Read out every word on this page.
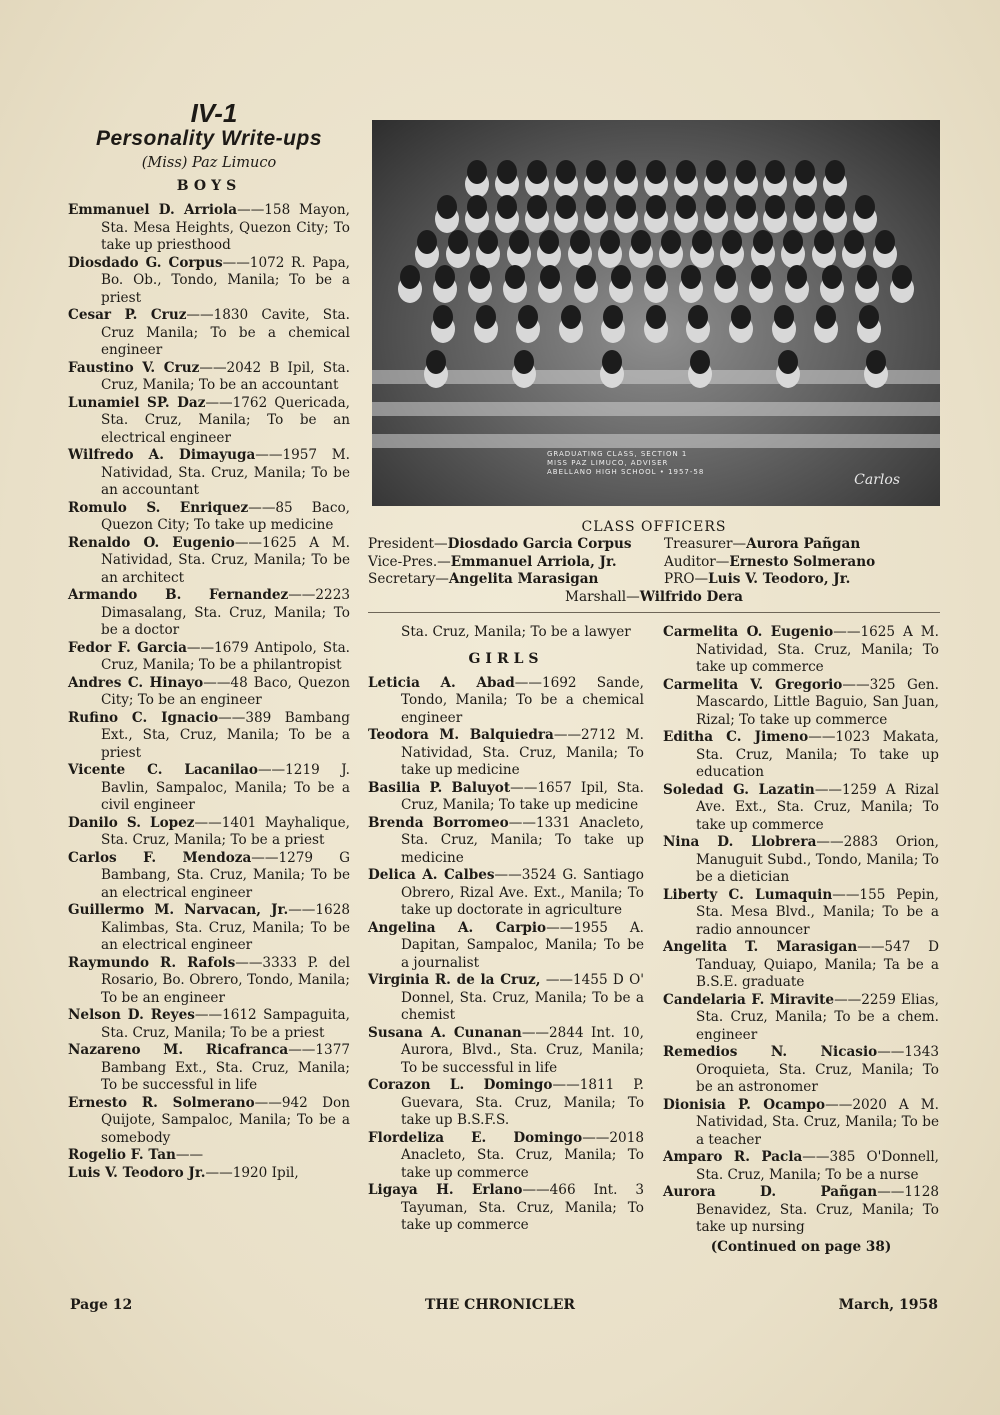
IV-1
Personality Write-ups
(Miss) Paz Limuco
BOYS

Emmanuel D. Arriola——158 Mayon, Sta. Mesa Heights, Quezon City; To take up priesthood

Diosdado G. Corpus——1072 R. Papa, Bo. Ob., Tondo, Manila; To be a priest

Cesar P. Cruz——1830 Cavite, Sta. Cruz Manila; To be a chemical engineer

Faustino V. Cruz——2042 B Ipil, Sta. Cruz, Manila; To be an accountant

Lunamiel SP. Daz——1762 Quericada, Sta. Cruz, Manila; To be an electrical engineer

Wilfredo A. Dimayuga——1957 M. Natividad, Sta. Cruz, Manila; To be an accountant

Romulo S. Enriquez——85 Baco, Quezon City; To take up medicine

Renaldo O. Eugenio——1625 A M. Natividad, Sta. Cruz, Manila; To be an architect

Armando B. Fernandez——2223 Dimasalang, Sta. Cruz, Manila; To be a doctor

Fedor F. Garcia——1679 Antipolo, Sta. Cruz, Manila; To be a philantropist

Andres C. Hinayo——48 Baco, Quezon City; To be an engineer

Rufino C. Ignacio——389 Bambang Ext., Sta, Cruz, Manila; To be a priest

Vicente C. Lacanilao——1219 J. Bavlin, Sampaloc, Manila; To be a civil engineer

Danilo S. Lopez——1401 Mayhalique, Sta. Cruz, Manila; To be a priest

Carlos F. Mendoza——1279 G Bambang, Sta. Cruz, Manila; To be an electrical engineer

Guillermo M. Narvacan, Jr.——1628 Kalimbas, Sta. Cruz, Manila; To be an electrical engineer

Raymundo R. Rafols——3333 P. del Rosario, Bo. Obrero, Tondo, Manila; To be an engineer

Nelson D. Reyes——1612 Sampaguita, Sta. Cruz, Manila; To be a priest

Nazareno M. Ricafranca——1377 Bambang Ext., Sta. Cruz, Manila; To be successful in life

Ernesto R. Solmerano——942 Don Quijote, Sampaloc, Manila; To be a somebody

Rogelio F. Tan——

Luis V. Teodoro Jr.——1920 Ipil,

GRADUATING CLASS, SECTION 1
MISS PAZ LIMUCO, ADVISER
ABELLANO HIGH SCHOOL • 1957-58	Carlos
CLASS OFFICERS
President—Diosdado Garcia Corpus	Treasurer—Aurora Pañgan
Vice-Pres.—Emmanuel Arriola, Jr.	Auditor—Ernesto Solmerano
Secretary—Angelita Marasigan	PRO—Luis V. Teodoro, Jr.
Marshall—Wilfrido Dera

Sta. Cruz, Manila; To be a lawyer

GIRLS

Leticia A. Abad——1692 Sande, Tondo, Manila; To be a chemical engineer

Teodora M. Balquiedra——2712 M. Natividad, Sta. Cruz, Manila; To take up medicine

Basilia P. Baluyot——1657 Ipil, Sta. Cruz, Manila; To take up medicine

Brenda Borromeo——1331 Anacleto, Sta. Cruz, Manila; To take up medicine

Delica A. Calbes——3524 G. Santiago Obrero, Rizal Ave. Ext., Manila; To take up doctorate in agriculture

Angelina A. Carpio——1955 A. Dapitan, Sampaloc, Manila; To be a journalist

Virginia R. de la Cruz, ——1455 D O' Donnel, Sta. Cruz, Manila; To be a chemist

Susana A. Cunanan——2844 Int. 10, Aurora, Blvd., Sta. Cruz, Manila; To be successful in life

Corazon L. Domingo——1811 P. Guevara, Sta. Cruz, Manila; To take up B.S.F.S.

Flordeliza E. Domingo——2018 Anacleto, Sta. Cruz, Manila; To take up commerce

Ligaya H. Erlano——466 Int. 3 Tayuman, Sta. Cruz, Manila; To take up commerce

Carmelita O. Eugenio——1625 A M. Natividad, Sta. Cruz, Manila; To take up commerce

Carmelita V. Gregorio——325 Gen. Mascardo, Little Baguio, San Juan, Rizal; To take up commerce

Editha C. Jimeno——1023 Makata, Sta. Cruz, Manila; To take up education

Soledad G. Lazatin——1259 A Rizal Ave. Ext., Sta. Cruz, Manila; To take up commerce

Nina D. Llobrera——2883 Orion, Manuguit Subd., Tondo, Manila; To be a dietician

Liberty C. Lumaquin——155 Pepin, Sta. Mesa Blvd., Manila; To be a radio announcer

Angelita T. Marasigan——547 D Tanduay, Quiapo, Manila; Ta be a B.S.E. graduate

Candelaria F. Miravite——2259 Elias, Sta. Cruz, Manila; To be a chem. engineer

Remedios N. Nicasio——1343 Oroquieta, Sta. Cruz, Manila; To be an astronomer

Dionisia P. Ocampo——2020 A M. Natividad, Sta. Cruz, Manila; To be a teacher

Amparo R. Pacla——385 O'Donnell, Sta. Cruz, Manila; To be a nurse

Aurora D. Pañgan——1128 Benavidez, Sta. Cruz, Manila; To take up nursing

(Continued on page 38)
Page 12	THE CHRONICLER	March, 1958
